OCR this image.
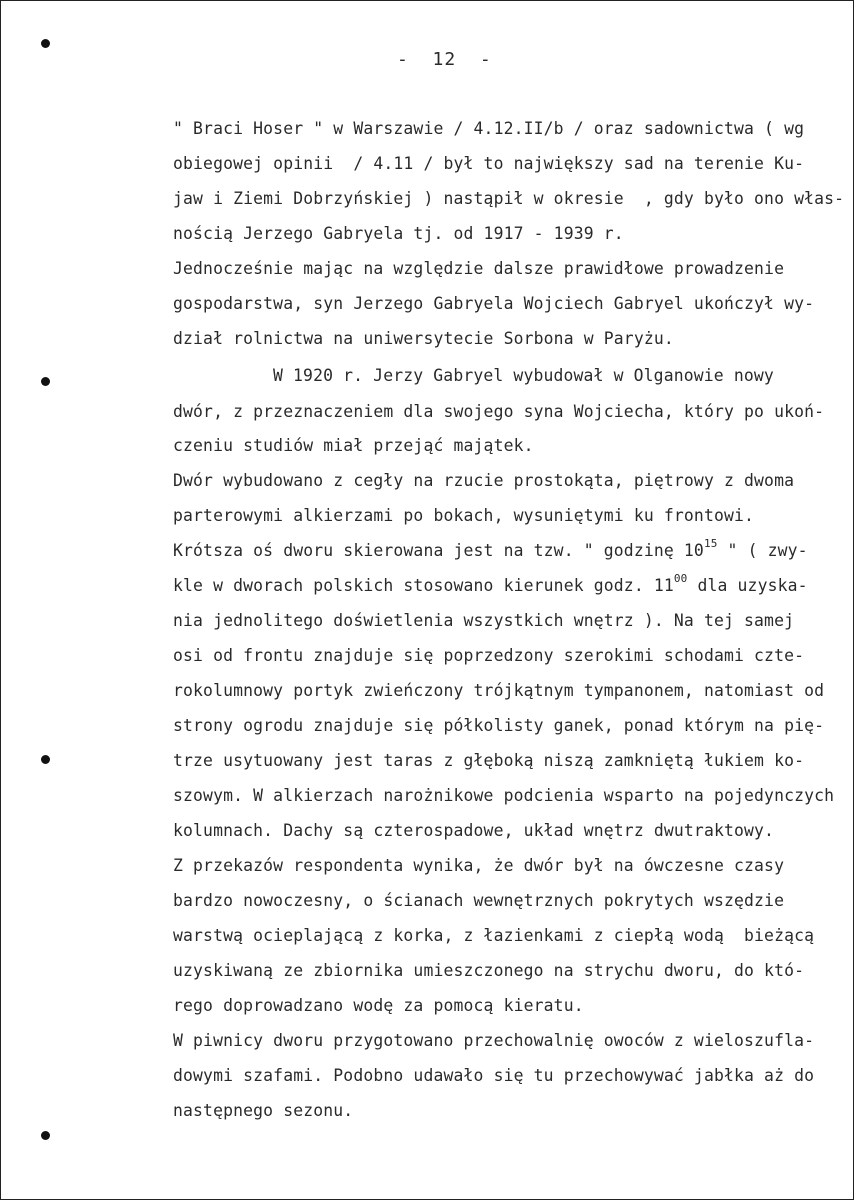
-  12  -
" Braci Hoser " w Warszawie / 4.12.II/b / oraz sadownictwa ( wg
obiegowej opinii  / 4.11 / był to największy sad na terenie Ku-
jaw i Ziemi Dobrzyńskiej ) nastąpił w okresie  , gdy było ono włas-
nością Jerzego Gabryela tj. od 1917 - 1939 r.
Jednocześnie mając na względzie dalsze prawidłowe prowadzenie
gospodarstwa, syn Jerzego Gabryela Wojciech Gabryel ukończył wy-
dział rolnictwa na uniwersytecie Sorbona w Paryżu.
W 1920 r. Jerzy Gabryel wybudował w Olganowie nowy
dwór, z przeznaczeniem dla swojego syna Wojciecha, który po ukoń-
czeniu studiów miał przejąć majątek.
Dwór wybudowano z cegły na rzucie prostokąta, piętrowy z dwoma
parterowymi alkierzami po bokach, wysuniętymi ku frontowi.
Krótsza oś dworu skierowana jest na tzw. " godzinę $10^{15}$ " ( zwy-
kle w dworach polskich stosowano kierunek godz. $11^{00}$ dla uzyska-
nia jednolitego doświetlenia wszystkich wnętrz ). Na tej samej
osi od frontu znajduje się poprzedzony szerokimi schodami czte-
rokolumnowy portyk zwieńczony trójkątnym tympanonem, natomiast od
strony ogrodu znajduje się półkolisty ganek, ponad którym na pię-
trze usytuowany jest taras z głęboką niszą zamkniętą łukiem ko-
szowym. W alkierzach narożnikowe podcienia wsparto na pojedynczych
kolumnach. Dachy są czterospadowe, układ wnętrz dwutraktowy.
Z przekazów respondenta wynika, że dwór był na ówczesne czasy
bardzo nowoczesny, o ścianach wewnętrznych pokrytych wszędzie
warstwą ocieplającą z korka, z łazienkami z ciepłą wodą  bieżącą
uzyskiwaną ze zbiornika umieszczonego na strychu dworu, do któ-
rego doprowadzano wodę za pomocą kieratu.
W piwnicy dworu przygotowano przechowalnię owoców z wieloszufla-
dowymi szafami. Podobno udawało się tu przechowywać jabłka aż do
następnego sezonu.
